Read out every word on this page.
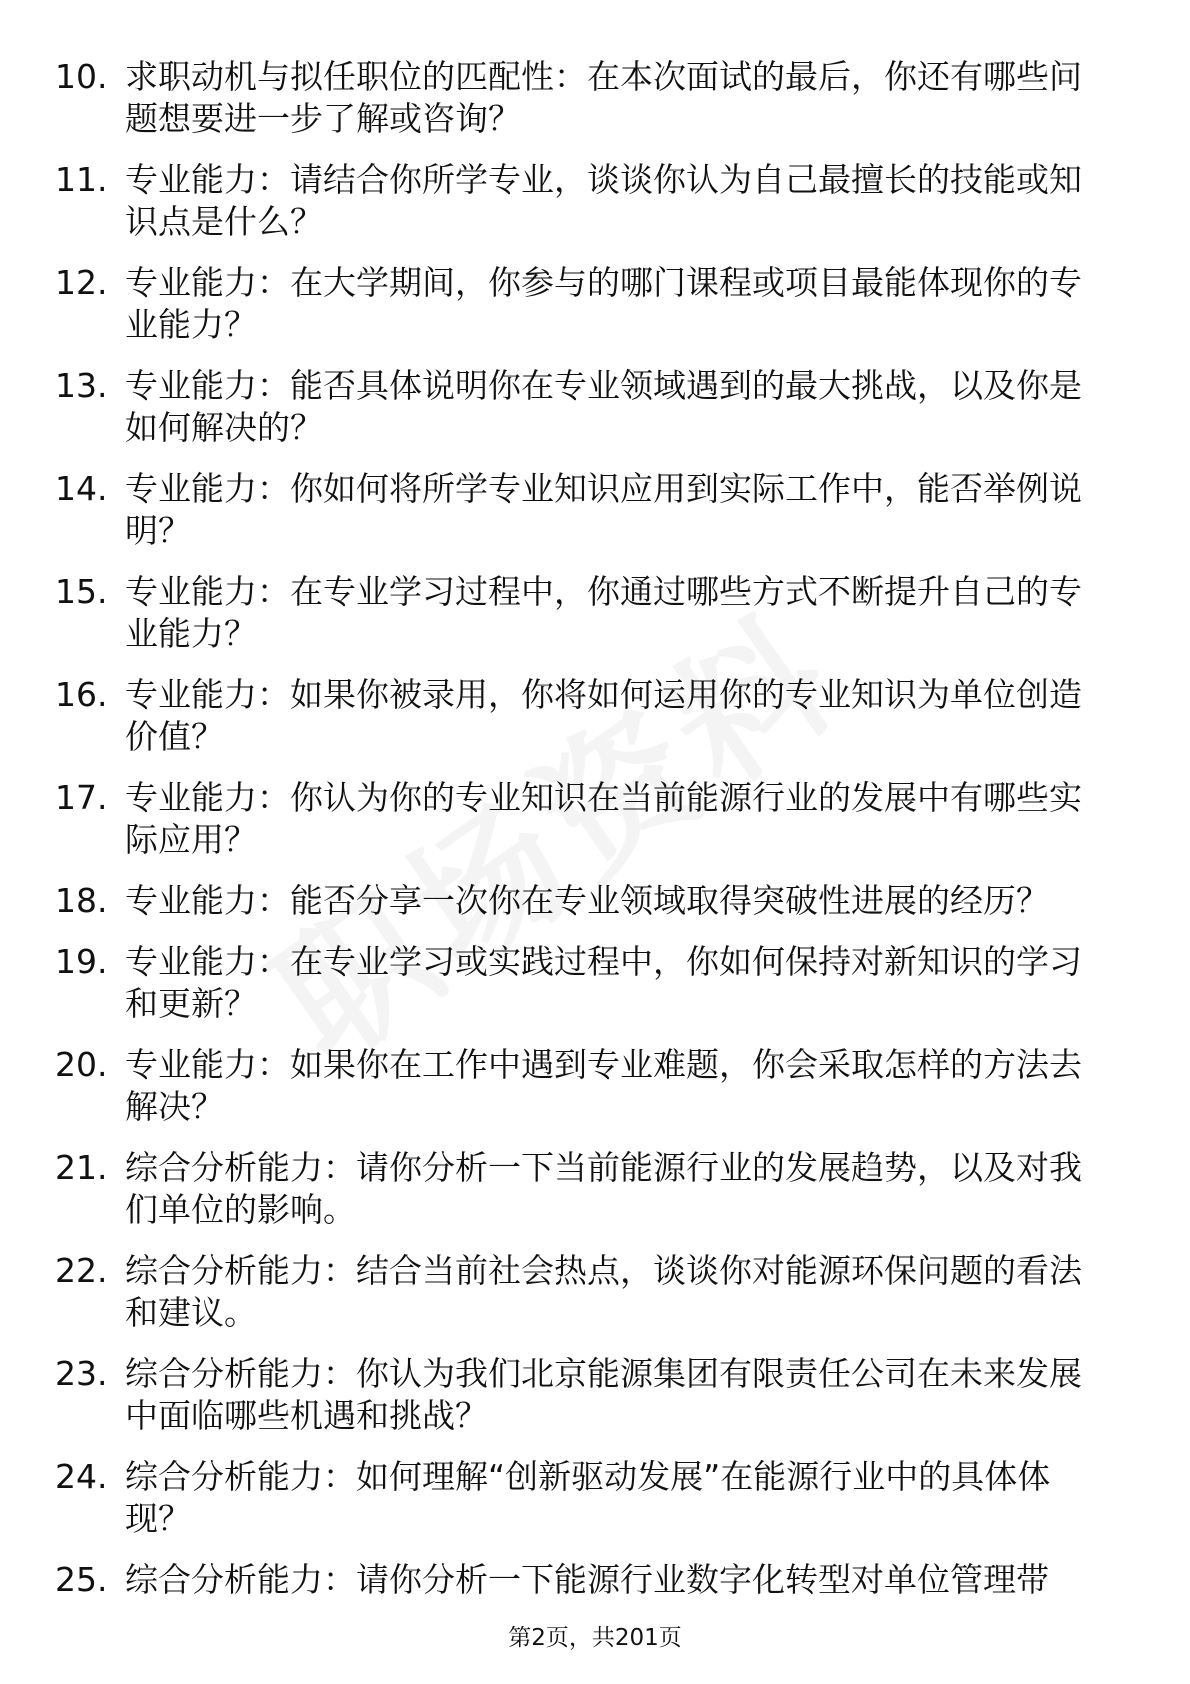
10. 求职动机与拟任职位的匹配性：在本次面试的最后，你还有哪些问题想要进一步了解或咨询？
11. 专业能力：请结合你所学专业，谈谈你认为自己最擅长的技能或知识点是什么？
12. 专业能力：在大学期间，你参与的哪门课程或项目最能体现你的专业能力？
13. 专业能力：能否具体说明你在专业领域遇到的最大挑战，以及你是如何解决的？
14. 专业能力：你如何将所学专业知识应用到实际工作中，能否举例说明？
15. 专业能力：在专业学习过程中，你通过哪些方式不断提升自己的专业能力？
16. 专业能力：如果你被录用，你将如何运用你的专业知识为单位创造价值？
17. 专业能力：你认为你的专业知识在当前能源行业的发展中有哪些实际应用？
18. 专业能力：能否分享一次你在专业领域取得突破性进展的经历？
19. 专业能力：在专业学习或实践过程中，你如何保持对新知识的学习和更新？
20. 专业能力：如果你在工作中遇到专业难题，你会采取怎样的方法去解决？
21. 综合分析能力：请你分析一下当前能源行业的发展趋势，以及对我们单位的影响。
22. 综合分析能力：结合当前社会热点，谈谈你对能源环保问题的看法和建议。
23. 综合分析能力：你认为我们北京能源集团有限责任公司在未来发展中面临哪些机遇和挑战？
24. 综合分析能力：如何理解“创新驱动发展”在能源行业中的具体体现？
25. 综合分析能力：请你分析一下能源行业数字化转型对单位管理带
第2页，共201页
